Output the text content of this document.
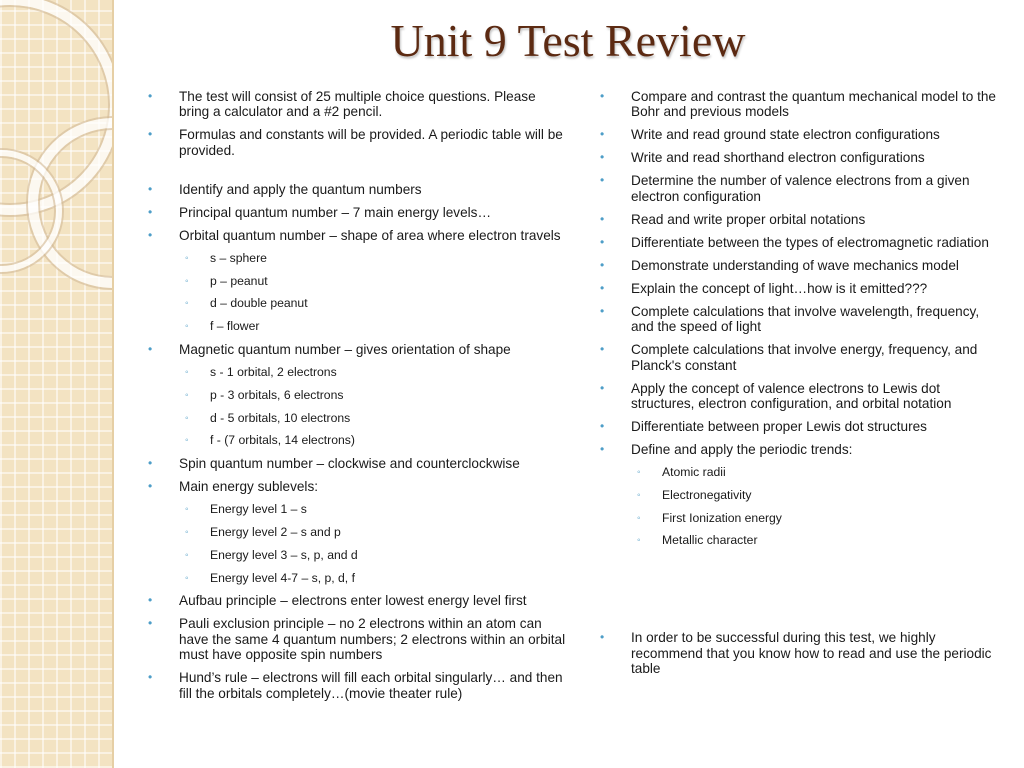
Unit 9 Test Review
• The test will consist of 25 multiple choice questions. Please bring a calculator and a #2 pencil.
• Formulas and constants will be provided. A periodic table will be provided.
• Identify and apply the quantum numbers
• Principal quantum number – 7 main energy levels…
• Orbital quantum number – shape of area where electron travels
◦ s – sphere
◦ p – peanut
◦ d – double peanut
◦ f – flower
• Magnetic quantum number – gives orientation of shape
◦ s - 1 orbital, 2 electrons
◦ p - 3 orbitals, 6 electrons
◦ d - 5 orbitals, 10 electrons
◦ f - (7 orbitals, 14 electrons)
• Spin quantum number – clockwise and counterclockwise
• Main energy sublevels:
◦ Energy level 1 – s
◦ Energy level 2 – s and p
◦ Energy level 3 – s, p, and d
◦ Energy level 4-7 – s, p, d, f
• Aufbau principle – electrons enter lowest energy level first
• Pauli exclusion principle – no 2 electrons within an atom can have the same 4 quantum numbers; 2 electrons within an orbital must have opposite spin numbers
• Hund’s rule – electrons will fill each orbital singularly… and then fill the orbitals completely…(movie theater rule)
• Compare and contrast the quantum mechanical model to the Bohr and previous models
• Write and read ground state electron configurations
• Write and read shorthand electron configurations
• Determine the number of valence electrons from a given electron configuration
• Read and write proper orbital notations
• Differentiate between the types of electromagnetic radiation
• Demonstrate understanding of wave mechanics model
• Explain the concept of light…how is it emitted???
• Complete calculations that involve wavelength, frequency, and the speed of light
• Complete calculations that involve energy, frequency, and Planck's constant
• Apply the concept of valence electrons to Lewis dot structures, electron configuration, and orbital notation
• Differentiate between proper Lewis dot structures
• Define and apply the periodic trends:
◦ Atomic radii
◦ Electronegativity
◦ First Ionization energy
◦ Metallic character
• In order to be successful during this test, we highly recommend that you know how to read and use the periodic table
